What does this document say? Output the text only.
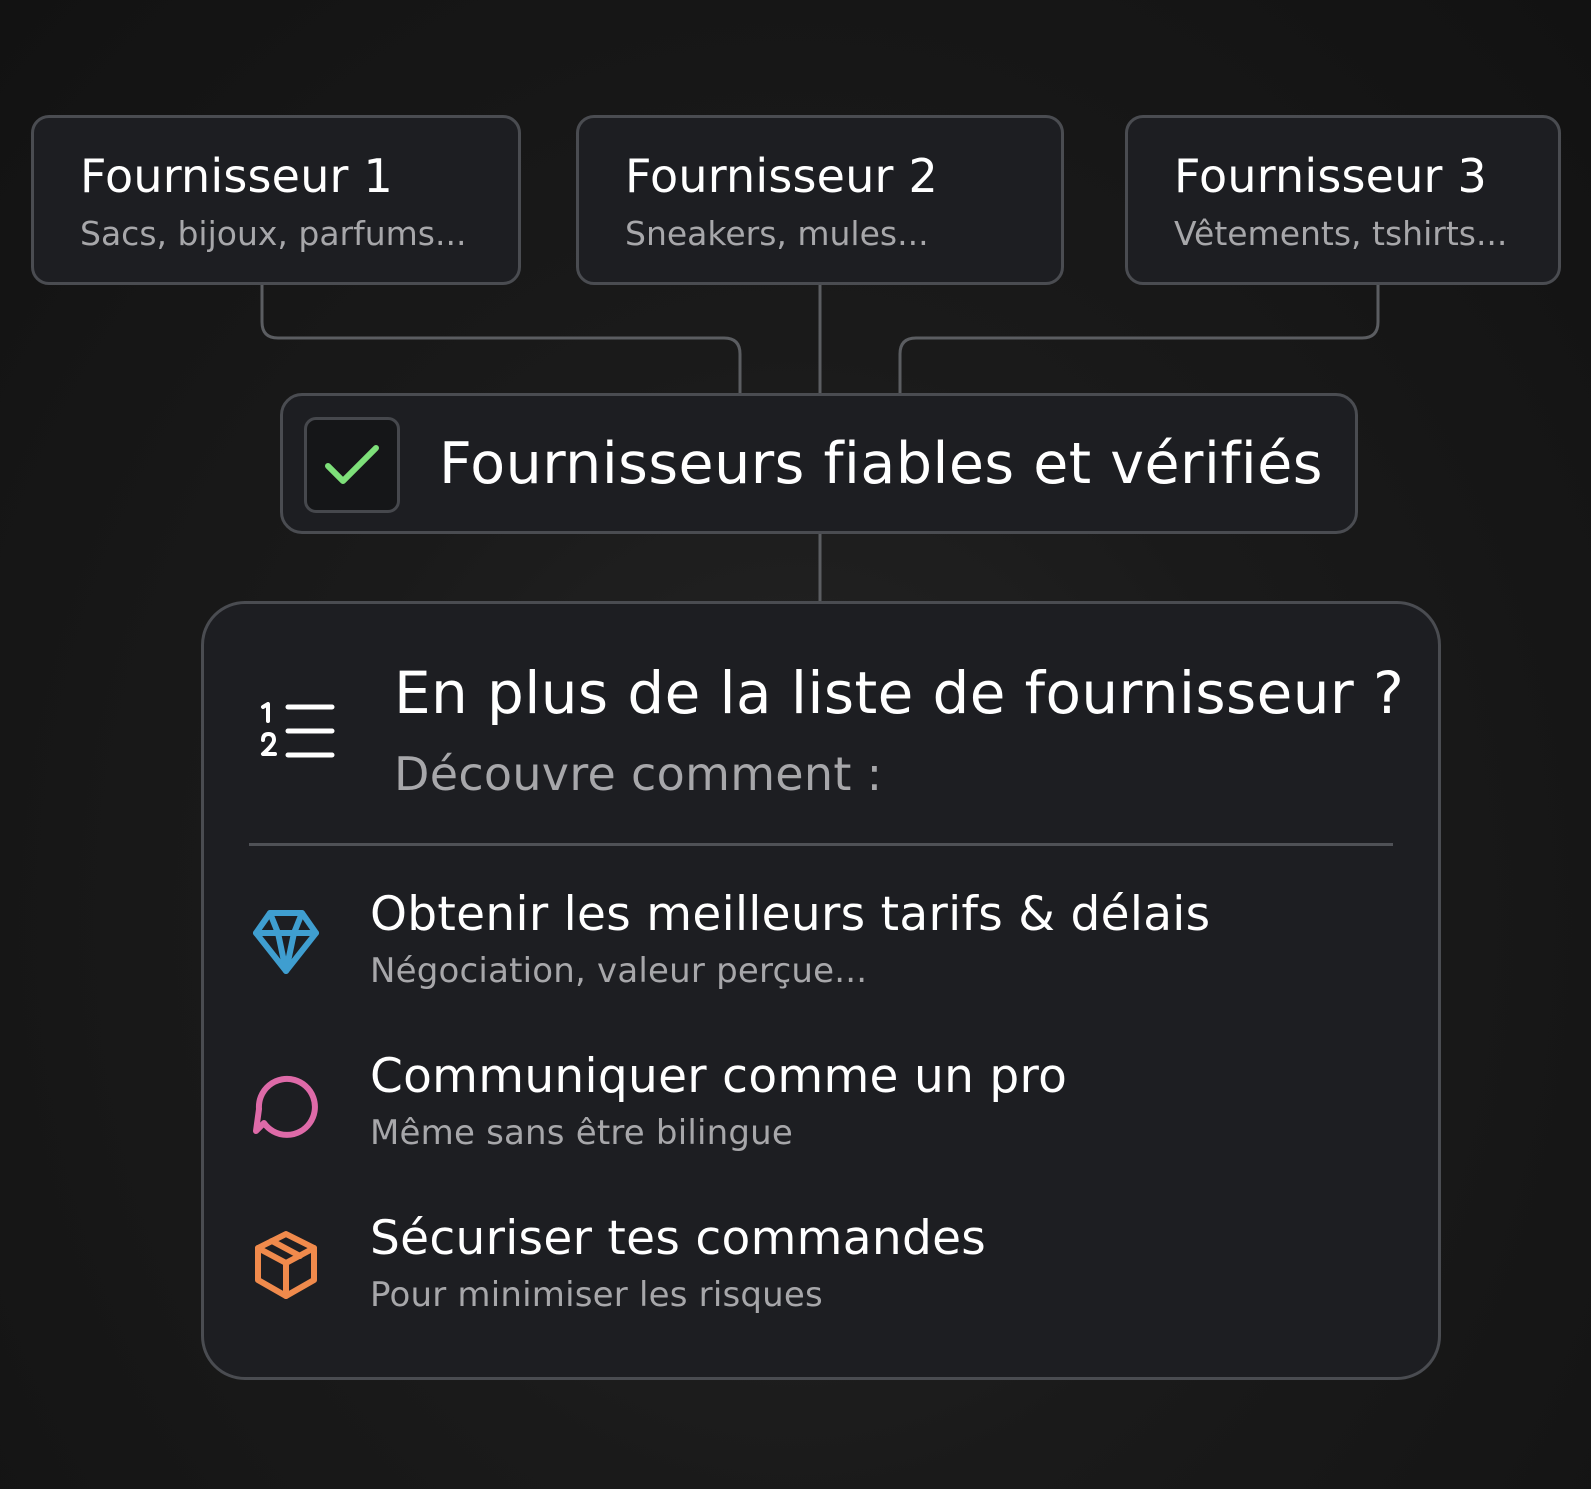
Fournisseur 1
Sacs, bijoux, parfums...
Fournisseur 2
Sneakers, mules...
Fournisseur 3
Vêtements, tshirts...
Fournisseurs fiables et vérifiés
En plus de la liste de fournisseur ?
Découvre comment :
Obtenir les meilleurs tarifs & délais
Négociation, valeur perçue...
Communiquer comme un pro
Même sans être bilingue
Sécuriser tes commandes
Pour minimiser les risques
